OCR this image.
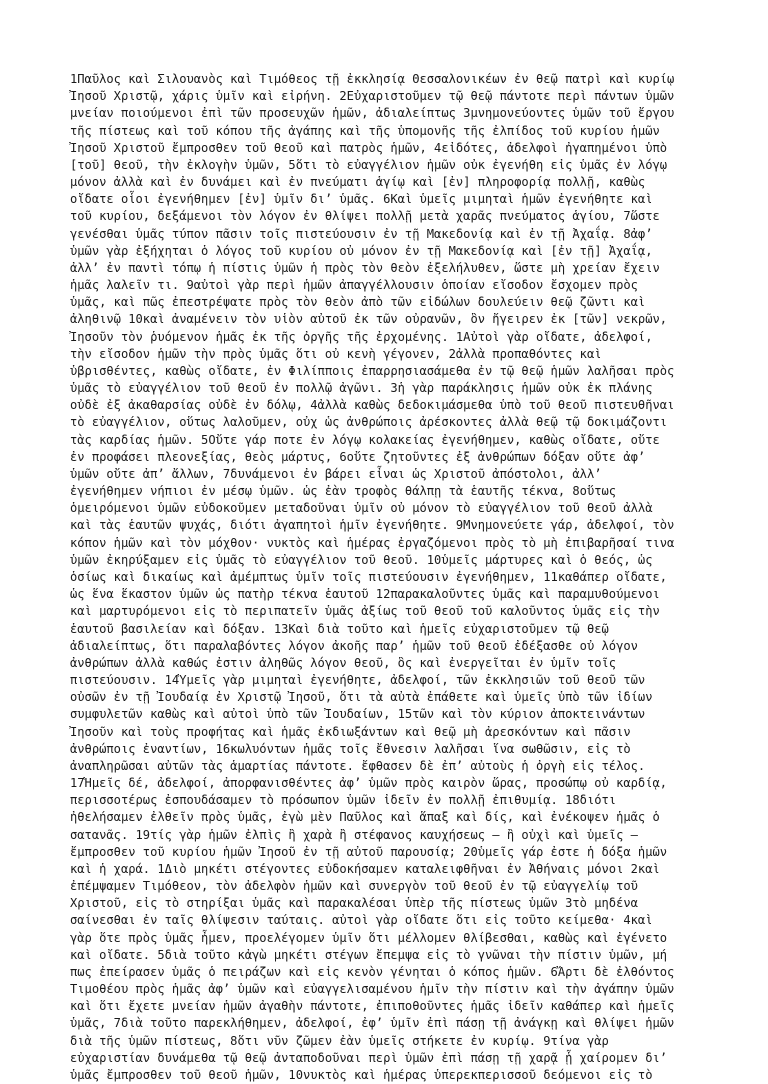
1Παῦλος καὶ Σιλουανὸς καὶ Τιμόθεος τῇ ἐκκλησίᾳ Θεσσαλονικέων ἐν θεῷ πατρὶ καὶ κυρίῳ
Ἰησοῦ Χριστῷ, χάρις ὑμῖν καὶ εἰρήνη. 2Εὐχαριστοῦμεν τῷ θεῷ πάντοτε περὶ πάντων ὑμῶν
μνείαν ποιούμενοι ἐπὶ τῶν προσευχῶν ἡμῶν, ἀδιαλείπτως 3μνημονεύοντες ὑμῶν τοῦ ἔργου
τῆς πίστεως καὶ τοῦ κόπου τῆς ἀγάπης καὶ τῆς ὑπομονῆς τῆς ἐλπίδος τοῦ κυρίου ἡμῶν
Ἰησοῦ Χριστοῦ ἔμπροσθεν τοῦ θεοῦ καὶ πατρὸς ἡμῶν, 4εἰδότες, ἀδελφοὶ ἠγαπημένοι ὑπὸ
[τοῦ] θεοῦ, τὴν ἐκλογὴν ὑμῶν, 5ὅτι τὸ εὐαγγέλιον ἡμῶν οὐκ ἐγενήθη εἰς ὑμᾶς ἐν λόγῳ
μόνον ἀλλὰ καὶ ἐν δυνάμει καὶ ἐν πνεύματι ἁγίῳ καὶ [ἐν] πληροφορίᾳ πολλῇ, καθὼς
οἴδατε οἷοι ἐγενήθημεν [ἐν] ὑμῖν δι’ ὑμᾶς. 6Καὶ ὑμεῖς μιμηταὶ ἡμῶν ἐγενήθητε καὶ
τοῦ κυρίου, δεξάμενοι τὸν λόγον ἐν θλίψει πολλῇ μετὰ χαρᾶς πνεύματος ἁγίου, 7ὥστε
γενέσθαι ὑμᾶς τύπον πᾶσιν τοῖς πιστεύουσιν ἐν τῇ Μακεδονίᾳ καὶ ἐν τῇ Ἀχαΐᾳ. 8ἀφ’
ὑμῶν γὰρ ἐξήχηται ὁ λόγος τοῦ κυρίου οὐ μόνον ἐν τῇ Μακεδονίᾳ καὶ [ἐν τῇ] Ἀχαΐᾳ,
ἀλλ’ ἐν παντὶ τόπῳ ἡ πίστις ὑμῶν ἡ πρὸς τὸν θεὸν ἐξελήλυθεν, ὥστε μὴ χρείαν ἔχειν
ἡμᾶς λαλεῖν τι. 9αὐτοὶ γὰρ περὶ ἡμῶν ἀπαγγέλλουσιν ὁποίαν εἴσοδον ἔσχομεν πρὸς
ὑμᾶς, καὶ πῶς ἐπεστρέψατε πρὸς τὸν θεὸν ἀπὸ τῶν εἰδώλων δουλεύειν θεῷ ζῶντι καὶ
ἀληθινῷ 10καὶ ἀναμένειν τὸν υἱὸν αὐτοῦ ἐκ τῶν οὐρανῶν, ὃν ἤγειρεν ἐκ [τῶν] νεκρῶν,
Ἰησοῦν τὸν ῥυόμενον ἡμᾶς ἐκ τῆς ὀργῆς τῆς ἐρχομένης. 1Αὐτοὶ γὰρ οἴδατε, ἀδελφοί,
τὴν εἴσοδον ἡμῶν τὴν πρὸς ὑμᾶς ὅτι οὐ κενὴ γέγονεν, 2ἀλλὰ προπαθόντες καὶ
ὑβρισθέντες, καθὼς οἴδατε, ἐν Φιλίπποις ἐπαρρησιασάμεθα ἐν τῷ θεῷ ἡμῶν λαλῆσαι πρὸς
ὑμᾶς τὸ εὐαγγέλιον τοῦ θεοῦ ἐν πολλῷ ἀγῶνι. 3ἡ γὰρ παράκλησις ἡμῶν οὐκ ἐκ πλάνης
οὐδὲ ἐξ ἀκαθαρσίας οὐδὲ ἐν δόλῳ, 4ἀλλὰ καθὼς δεδοκιμάσμεθα ὑπὸ τοῦ θεοῦ πιστευθῆναι
τὸ εὐαγγέλιον, οὕτως λαλοῦμεν, οὐχ ὡς ἀνθρώποις ἀρέσκοντες ἀλλὰ θεῷ τῷ δοκιμάζοντι
τὰς καρδίας ἡμῶν. 5Οὔτε γάρ ποτε ἐν λόγῳ κολακείας ἐγενήθημεν, καθὼς οἴδατε, οὔτε
ἐν προφάσει πλεονεξίας, θεὸς μάρτυς, 6οὔτε ζητοῦντες ἐξ ἀνθρώπων δόξαν οὔτε ἀφ’
ὑμῶν οὔτε ἀπ’ ἄλλων, 7δυνάμενοι ἐν βάρει εἶναι ὡς Χριστοῦ ἀπόστολοι, ἀλλ’
ἐγενήθημεν νήπιοι ἐν μέσῳ ὑμῶν. ὡς ἐὰν τροφὸς θάλπῃ τὰ ἑαυτῆς τέκνα, 8οὕτως
ὁμειρόμενοι ὑμῶν εὐδοκοῦμεν μεταδοῦναι ὑμῖν οὐ μόνον τὸ εὐαγγέλιον τοῦ θεοῦ ἀλλὰ
καὶ τὰς ἑαυτῶν ψυχάς, διότι ἀγαπητοὶ ἡμῖν ἐγενήθητε. 9Μνημονεύετε γάρ, ἀδελφοί, τὸν
κόπον ἡμῶν καὶ τὸν μόχθον· νυκτὸς καὶ ἡμέρας ἐργαζόμενοι πρὸς τὸ μὴ ἐπιβαρῆσαί τινα
ὑμῶν ἐκηρύξαμεν εἰς ὑμᾶς τὸ εὐαγγέλιον τοῦ θεοῦ. 10ὑμεῖς μάρτυρες καὶ ὁ θεός, ὡς
ὁσίως καὶ δικαίως καὶ ἀμέμπτως ὑμῖν τοῖς πιστεύουσιν ἐγενήθημεν, 11καθάπερ οἴδατε,
ὡς ἕνα ἕκαστον ὑμῶν ὡς πατὴρ τέκνα ἑαυτοῦ 12παρακαλοῦντες ὑμᾶς καὶ παραμυθούμενοι
καὶ μαρτυρόμενοι εἰς τὸ περιπατεῖν ὑμᾶς ἀξίως τοῦ θεοῦ τοῦ καλοῦντος ὑμᾶς εἰς τὴν
ἑαυτοῦ βασιλείαν καὶ δόξαν. 13Καὶ διὰ τοῦτο καὶ ἡμεῖς εὐχαριστοῦμεν τῷ θεῷ
ἀδιαλείπτως, ὅτι παραλαβόντες λόγον ἀκοῆς παρ’ ἡμῶν τοῦ θεοῦ ἐδέξασθε οὐ λόγον
ἀνθρώπων ἀλλὰ καθώς ἐστιν ἀληθῶς λόγον θεοῦ, ὃς καὶ ἐνεργεῖται ἐν ὑμῖν τοῖς
πιστεύουσιν. 14Ὑμεῖς γὰρ μιμηταὶ ἐγενήθητε, ἀδελφοί, τῶν ἐκκλησιῶν τοῦ θεοῦ τῶν
οὐσῶν ἐν τῇ Ἰουδαίᾳ ἐν Χριστῷ Ἰησοῦ, ὅτι τὰ αὐτὰ ἐπάθετε καὶ ὑμεῖς ὑπὸ τῶν ἰδίων
συμφυλετῶν καθὼς καὶ αὐτοὶ ὑπὸ τῶν Ἰουδαίων, 15τῶν καὶ τὸν κύριον ἀποκτεινάντων
Ἰησοῦν καὶ τοὺς προφήτας καὶ ἡμᾶς ἐκδιωξάντων καὶ θεῷ μὴ ἀρεσκόντων καὶ πᾶσιν
ἀνθρώποις ἐναντίων, 16κωλυόντων ἡμᾶς τοῖς ἔθνεσιν λαλῆσαι ἵνα σωθῶσιν, εἰς τὸ
ἀναπληρῶσαι αὐτῶν τὰς ἁμαρτίας πάντοτε. ἔφθασεν δὲ ἐπ’ αὐτοὺς ἡ ὀργὴ εἰς τέλος.
17Ἡμεῖς δέ, ἀδελφοί, ἀπορφανισθέντες ἀφ’ ὑμῶν πρὸς καιρὸν ὥρας, προσώπῳ οὐ καρδίᾳ,
περισσοτέρως ἐσπουδάσαμεν τὸ πρόσωπον ὑμῶν ἰδεῖν ἐν πολλῇ ἐπιθυμίᾳ. 18διότι
ἠθελήσαμεν ἐλθεῖν πρὸς ὑμᾶς, ἐγὼ μὲν Παῦλος καὶ ἅπαξ καὶ δίς, καὶ ἐνέκοψεν ἡμᾶς ὁ
σατανᾶς. 19τίς γὰρ ἡμῶν ἐλπὶς ἢ χαρὰ ἢ στέφανος καυχήσεως – ἢ οὐχὶ καὶ ὑμεῖς –
ἔμπροσθεν τοῦ κυρίου ἡμῶν Ἰησοῦ ἐν τῇ αὐτοῦ παρουσίᾳ; 20ὑμεῖς γάρ ἐστε ἡ δόξα ἡμῶν
καὶ ἡ χαρά. 1Διὸ μηκέτι στέγοντες εὐδοκήσαμεν καταλειφθῆναι ἐν Ἀθήναις μόνοι 2καὶ
ἐπέμψαμεν Τιμόθεον, τὸν ἀδελφὸν ἡμῶν καὶ συνεργὸν τοῦ θεοῦ ἐν τῷ εὐαγγελίῳ τοῦ
Χριστοῦ, εἰς τὸ στηρίξαι ὑμᾶς καὶ παρακαλέσαι ὑπὲρ τῆς πίστεως ὑμῶν 3τὸ μηδένα
σαίνεσθαι ἐν ταῖς θλίψεσιν ταύταις. αὐτοὶ γὰρ οἴδατε ὅτι εἰς τοῦτο κείμεθα· 4καὶ
γὰρ ὅτε πρὸς ὑμᾶς ἦμεν, προελέγομεν ὑμῖν ὅτι μέλλομεν θλίβεσθαι, καθὼς καὶ ἐγένετο
καὶ οἴδατε. 5διὰ τοῦτο κἀγὼ μηκέτι στέγων ἔπεμψα εἰς τὸ γνῶναι τὴν πίστιν ὑμῶν, μή
πως ἐπείρασεν ὑμᾶς ὁ πειράζων καὶ εἰς κενὸν γένηται ὁ κόπος ἡμῶν. 6Ἄρτι δὲ ἐλθόντος
Τιμοθέου πρὸς ἡμᾶς ἀφ’ ὑμῶν καὶ εὐαγγελισαμένου ἡμῖν τὴν πίστιν καὶ τὴν ἀγάπην ὑμῶν
καὶ ὅτι ἔχετε μνείαν ἡμῶν ἀγαθὴν πάντοτε, ἐπιποθοῦντες ἡμᾶς ἰδεῖν καθάπερ καὶ ἡμεῖς
ὑμᾶς, 7διὰ τοῦτο παρεκλήθημεν, ἀδελφοί, ἐφ’ ὑμῖν ἐπὶ πάσῃ τῇ ἀνάγκῃ καὶ θλίψει ἡμῶν
διὰ τῆς ὑμῶν πίστεως, 8ὅτι νῦν ζῶμεν ἐὰν ὑμεῖς στήκετε ἐν κυρίῳ. 9τίνα γὰρ
εὐχαριστίαν δυνάμεθα τῷ θεῷ ἀνταποδοῦναι περὶ ὑμῶν ἐπὶ πάσῃ τῇ χαρᾷ ᾗ χαίρομεν δι’
ὑμᾶς ἔμπροσθεν τοῦ θεοῦ ἡμῶν, 10νυκτὸς καὶ ἡμέρας ὑπερεκπερισσοῦ δεόμενοι εἰς τὸ
